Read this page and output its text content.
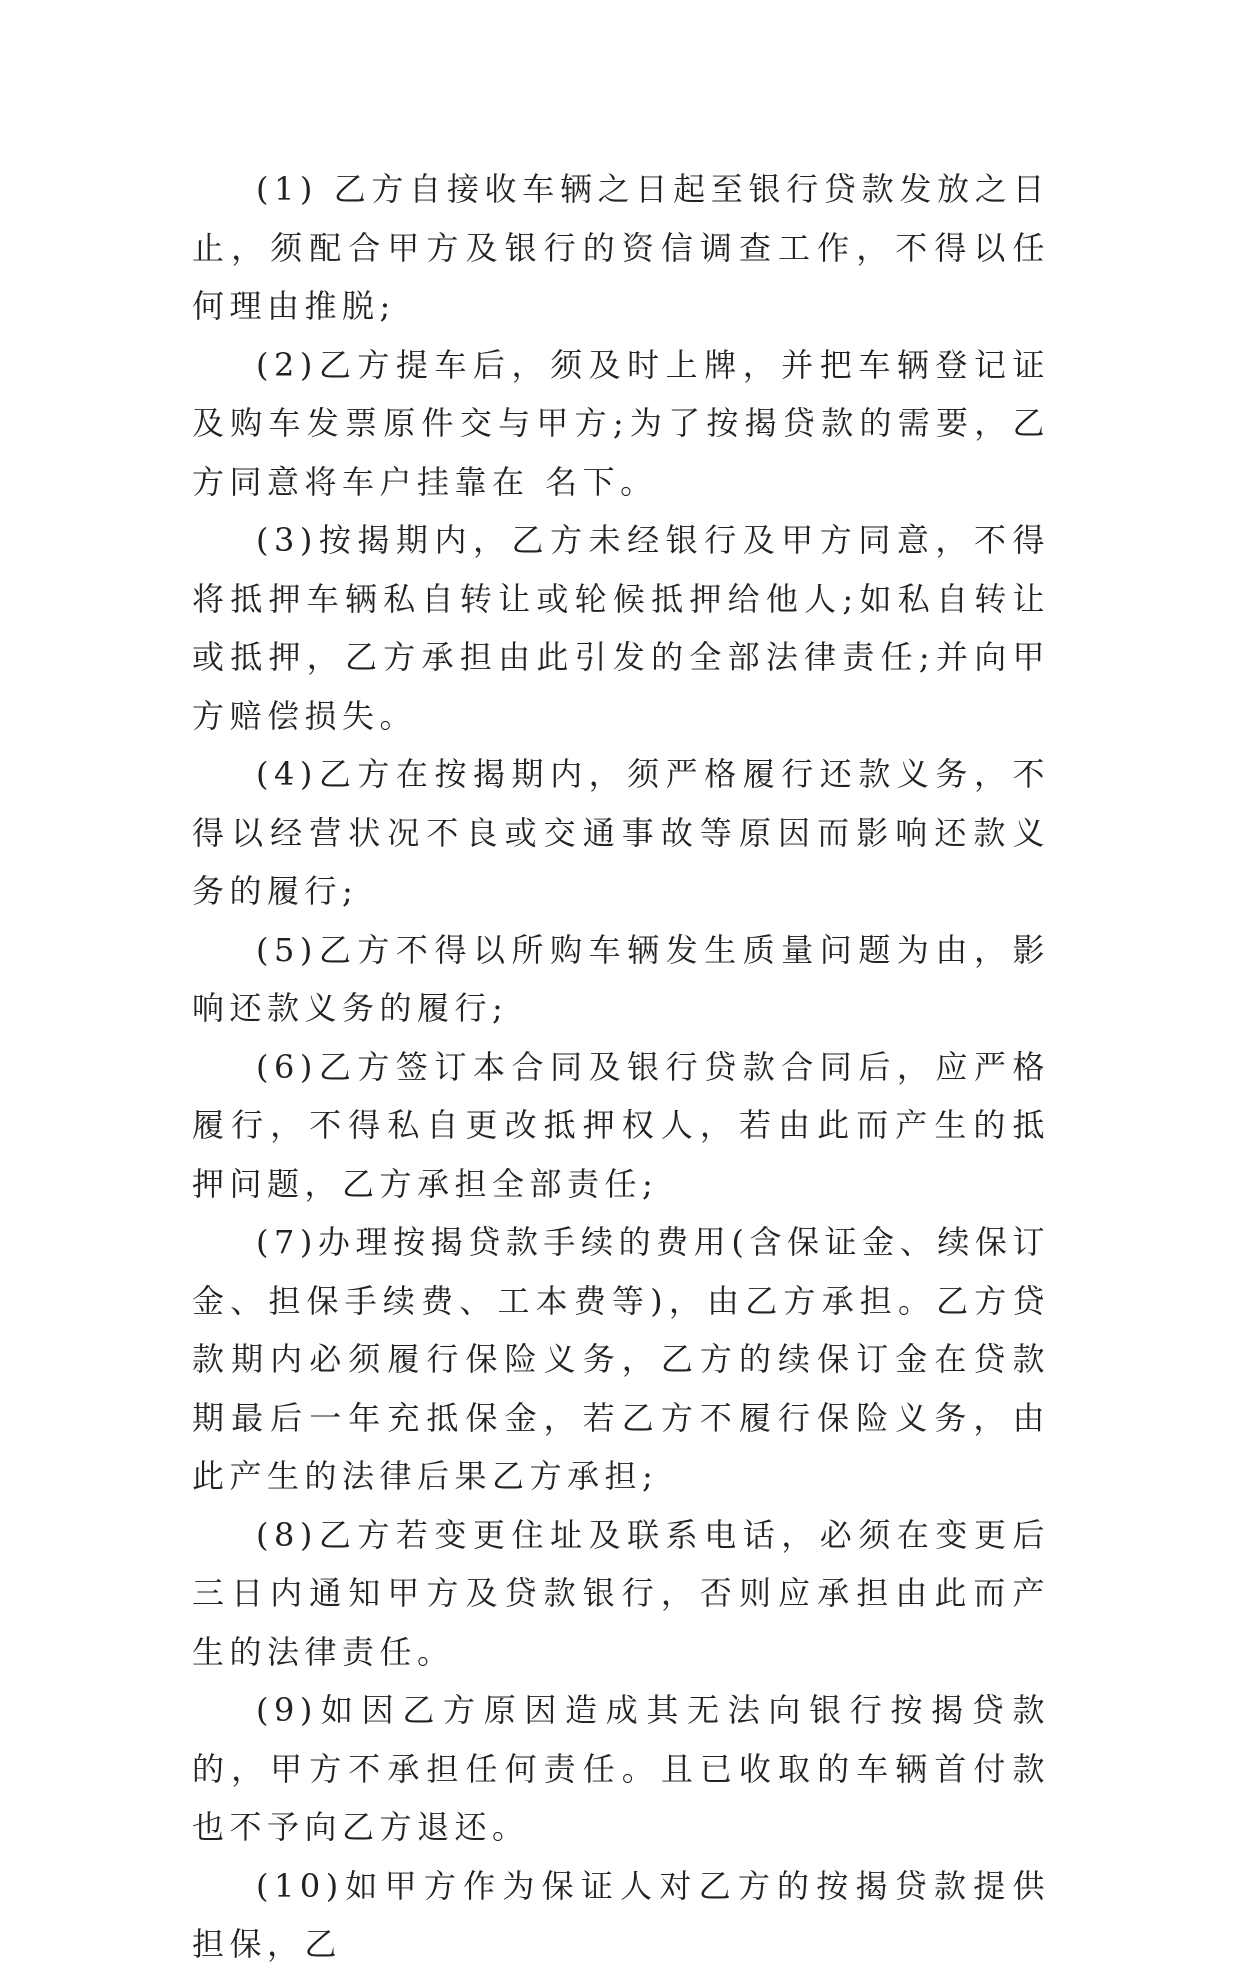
(1) 乙方自接收车辆之日起至银行贷款发放之日止，须配合甲方及银行的资信调查工作，不得以任何理由推脱;

(2)乙方提车后，须及时上牌，并把车辆登记证及购车发票原件交与甲方;为了按揭贷款的需要，乙方同意将车户挂靠在 名下。

(3)按揭期内，乙方未经银行及甲方同意，不得将抵押车辆私自转让或轮候抵押给他人;如私自转让或抵押，乙方承担由此引发的全部法律责任;并向甲方赔偿损失。

(4)乙方在按揭期内，须严格履行还款义务，不得以经营状况不良或交通事故等原因而影响还款义务的履行;

(5)乙方不得以所购车辆发生质量问题为由，影响还款义务的履行;

(6)乙方签订本合同及银行贷款合同后，应严格履行，不得私自更改抵押权人，若由此而产生的抵押问题，乙方承担全部责任;

(7)办理按揭贷款手续的费用(含保证金、续保订金、担保手续费、工本费等)，由乙方承担。乙方贷款期内必须履行保险义务，乙方的续保订金在贷款期最后一年充抵保金，若乙方不履行保险义务，由此产生的法律后果乙方承担;

(8)乙方若变更住址及联系电话，必须在变更后三日内通知甲方及贷款银行，否则应承担由此而产生的法律责任。

(9)如因乙方原因造成其无法向银行按揭贷款的，甲方不承担任何责任。且已收取的车辆首付款也不予向乙方退还。

(10)如甲方作为保证人对乙方的按揭贷款提供担保，乙
